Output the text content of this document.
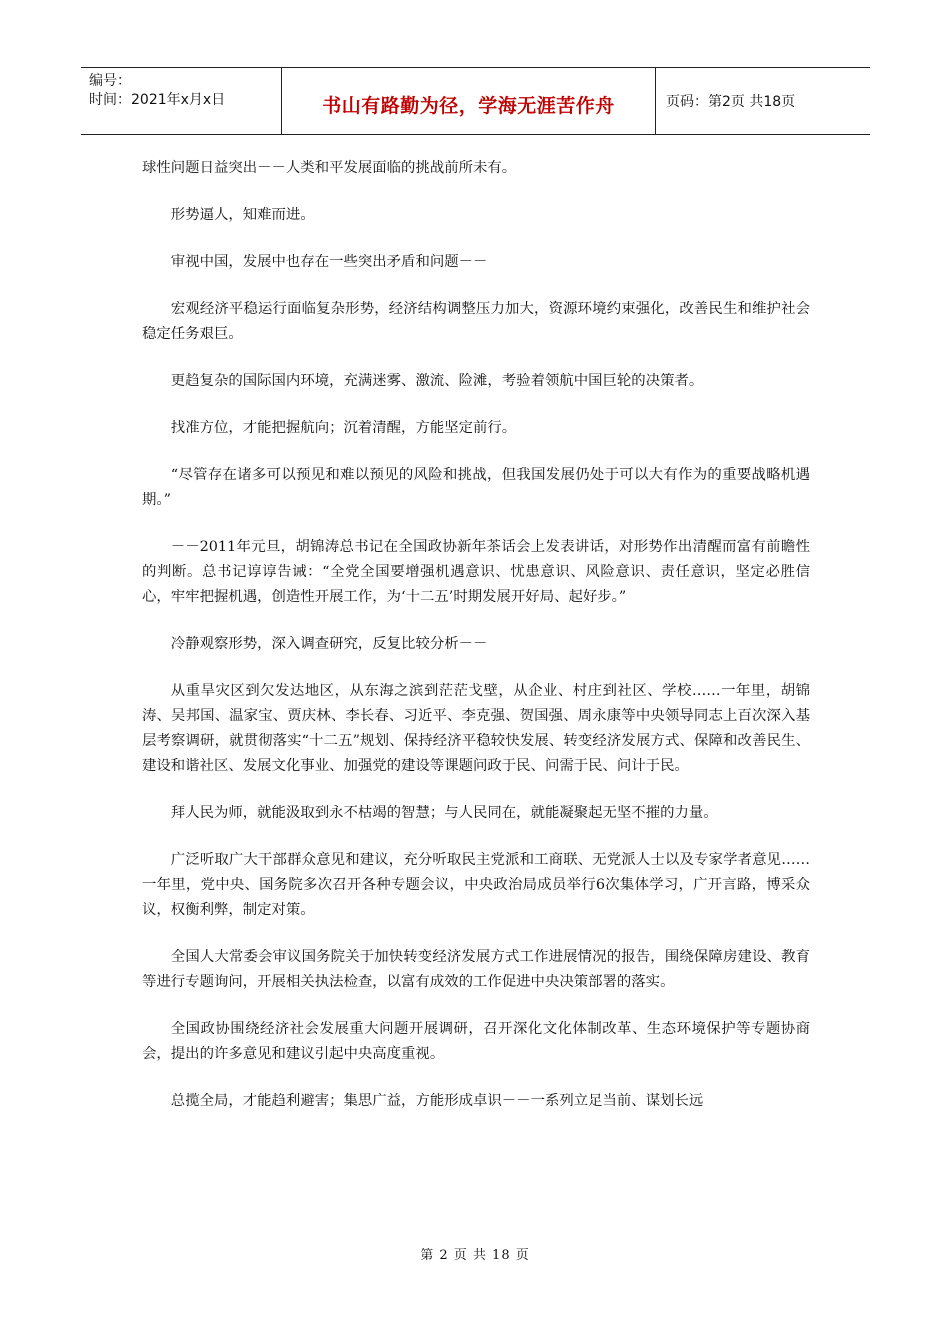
编号：
时间：2021年x月x日	书山有路勤为径，学海无涯苦作舟	页码：第2页 共18页

球性问题日益突出－－人类和平发展面临的挑战前所未有。

形势逼人，知难而进。

审视中国，发展中也存在一些突出矛盾和问题－－

宏观经济平稳运行面临复杂形势，经济结构调整压力加大，资源环境约束强化，改善民生和维护社会稳定任务艰巨。

更趋复杂的国际国内环境，充满迷雾、激流、险滩，考验着领航中国巨轮的决策者。

找准方位，才能把握航向；沉着清醒，方能坚定前行。

“尽管存在诸多可以预见和难以预见的风险和挑战，但我国发展仍处于可以大有作为的重要战略机遇期。”

－－2011年元旦，胡锦涛总书记在全国政协新年茶话会上发表讲话，对形势作出清醒而富有前瞻性的判断。总书记谆谆告诫：“全党全国要增强机遇意识、忧患意识、风险意识、责任意识，坚定必胜信心，牢牢把握机遇，创造性开展工作，为‘十二五’时期发展开好局、起好步。”

冷静观察形势，深入调查研究，反复比较分析－－

从重旱灾区到欠发达地区，从东海之滨到茫茫戈壁，从企业、村庄到社区、学校……一年里，胡锦涛、吴邦国、温家宝、贾庆林、李长春、习近平、李克强、贺国强、周永康等中央领导同志上百次深入基层考察调研，就贯彻落实“十二五”规划、保持经济平稳较快发展、转变经济发展方式、保障和改善民生、建设和谐社区、发展文化事业、加强党的建设等课题问政于民、问需于民、问计于民。

拜人民为师，就能汲取到永不枯竭的智慧；与人民同在，就能凝聚起无坚不摧的力量。

广泛听取广大干部群众意见和建议，充分听取民主党派和工商联、无党派人士以及专家学者意见……一年里，党中央、国务院多次召开各种专题会议，中央政治局成员举行6次集体学习，广开言路，博采众议，权衡利弊，制定对策。

全国人大常委会审议国务院关于加快转变经济发展方式工作进展情况的报告，围绕保障房建设、教育等进行专题询问，开展相关执法检查，以富有成效的工作促进中央决策部署的落实。

全国政协围绕经济社会发展重大问题开展调研，召开深化文化体制改革、生态环境保护等专题协商会，提出的许多意见和建议引起中央高度重视。

总揽全局，才能趋利避害；集思广益，方能形成卓识－－一系列立足当前、谋划长远

第 2 页 共 18 页
